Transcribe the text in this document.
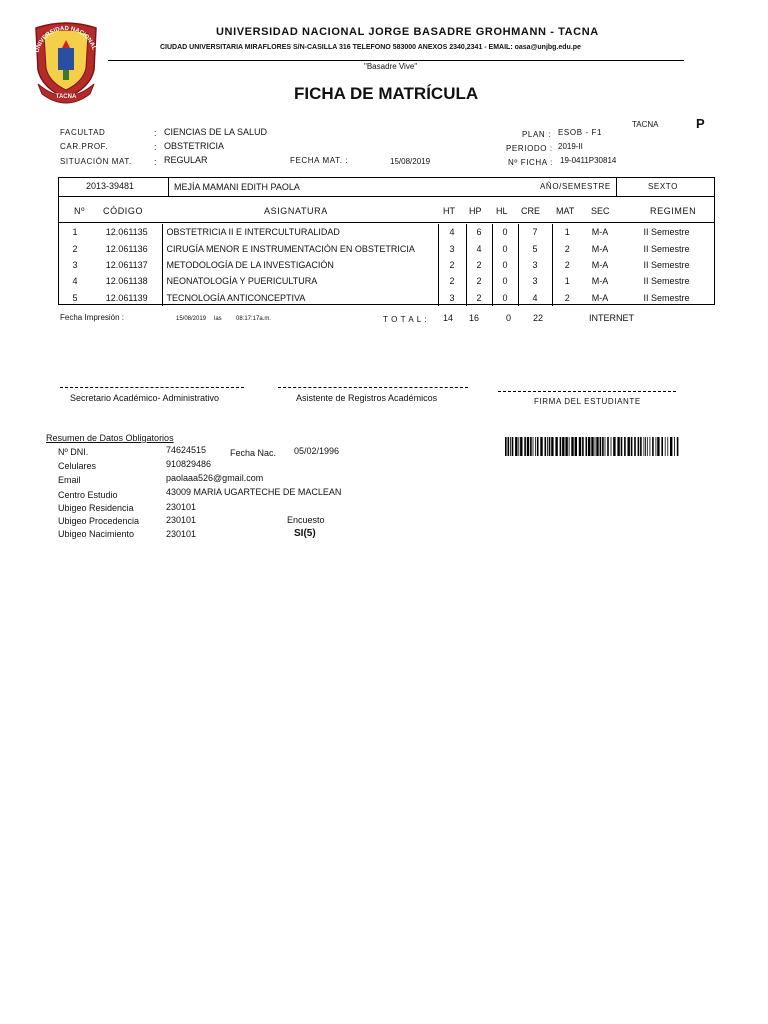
UNIVERSIDAD NACIONAL
TACNA
UNIVERSIDAD NACIONAL JORGE BASADRE GROHMANN - TACNA
CIUDAD UNIVERSITARIA MIRAFLORES S/N-CASILLA 316 TELEFONO 583000 ANEXOS 2340,2341 - EMAIL: oasa@unjbg.edu.pe
"Basadre Vive"
FICHA DE MATRÍCULA
TACNA	P
FACULTAD	: CIENCIAS DE LA SALUD
CAR.PROF.	: OBSTETRICIA
SITUACIÓN MAT. : REGULAR	FECHA MAT. :	15/08/2019
PLAN : ESOB - F1
PERIODO : 2019-II
Nº FICHA : 19-0411P30814
2013-39481	MEJÍA MAMANI EDITH PAOLA	AÑO/SEMESTRE	SEXTO
Nº CÓDIGO	ASIGNATURA	HT HP HL CRE MAT SEC	REGIMEN
1	12.061135	OBSTETRICIA II E INTERCULTURALIDAD	4	6	0	7	1	M-A	II Semestre
2	12.061136	CIRUGÍA MENOR E INSTRUMENTACIÓN EN OBSTETRICIA	3	4	0	5	2	M-A	II Semestre
3	12.061137	METODOLOGÍA DE LA INVESTIGACIÓN	2	2	0	3	2	M-A	II Semestre
4	12.061138	NEONATOLOGÍA Y PUERICULTURA	2	2	0	3	1	M-A	II Semestre
5	12.061139	TECNOLOGÍA ANTICONCEPTIVA	3	2	0	4	2	M-A	II Semestre
Fecha Impresión :	15/08/2019 las 08:17:17a.m.	T O T A L : 14 16	0 22	INTERNET
Secretario Académico- Administrativo	Asistente de Registros Académicos	FIRMA DEL ESTUDIANTE
Resumen de Datos Obligatorios
Nº DNI.	74624515	Fecha Nac. 05/02/1996
Celulares	910829486
Email	paolaaa526@gmail.com
Centro Estudio	43009 MARIA UGARTECHE DE MACLEAN
Ubigeo Residencia	230101
Ubigeo Procedencia	230101	Encuesto
Ubigeo Nacimiento	230101	SI(5)
